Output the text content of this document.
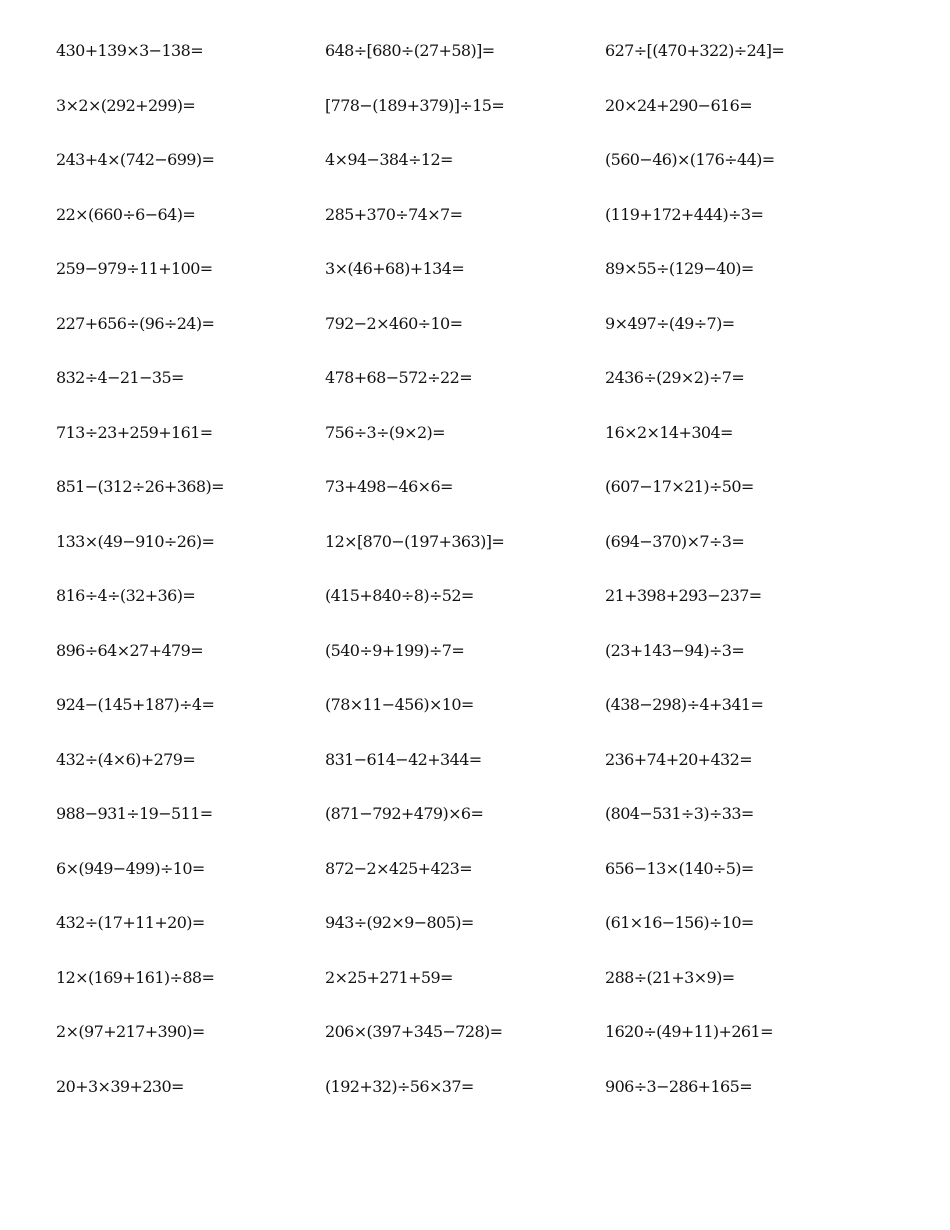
430+139×3−138=	648÷[680÷(27+58)]=	627÷[(470+322)÷24]=
3×2×(292+299)=	[778−(189+379)]÷15=	20×24+290−616=
243+4×(742−699)=	4×94−384÷12=	(560−46)×(176÷44)=
22×(660÷6−64)=	285+370÷74×7=	(119+172+444)÷3=
259−979÷11+100=	3×(46+68)+134=	89×55÷(129−40)=
227+656÷(96÷24)=	792−2×460÷10=	9×497÷(49÷7)=
832÷4−21−35=	478+68−572÷22=	2436÷(29×2)÷7=
713÷23+259+161=	756÷3÷(9×2)=	16×2×14+304=
851−(312÷26+368)=	73+498−46×6=	(607−17×21)÷50=
133×(49−910÷26)=	12×[870−(197+363)]=	(694−370)×7÷3=
816÷4÷(32+36)=	(415+840÷8)÷52=	21+398+293−237=
896÷64×27+479=	(540÷9+199)÷7=	(23+143−94)÷3=
924−(145+187)÷4=	(78×11−456)×10=	(438−298)÷4+341=
432÷(4×6)+279=	831−614−42+344=	236+74+20+432=
988−931÷19−511=	(871−792+479)×6=	(804−531÷3)÷33=
6×(949−499)÷10=	872−2×425+423=	656−13×(140÷5)=
432÷(17+11+20)=	943÷(92×9−805)=	(61×16−156)÷10=
12×(169+161)÷88=	2×25+271+59=	288÷(21+3×9)=
2×(97+217+390)=	206×(397+345−728)=	1620÷(49+11)+261=
20+3×39+230=	(192+32)÷56×37=	906÷3−286+165=
